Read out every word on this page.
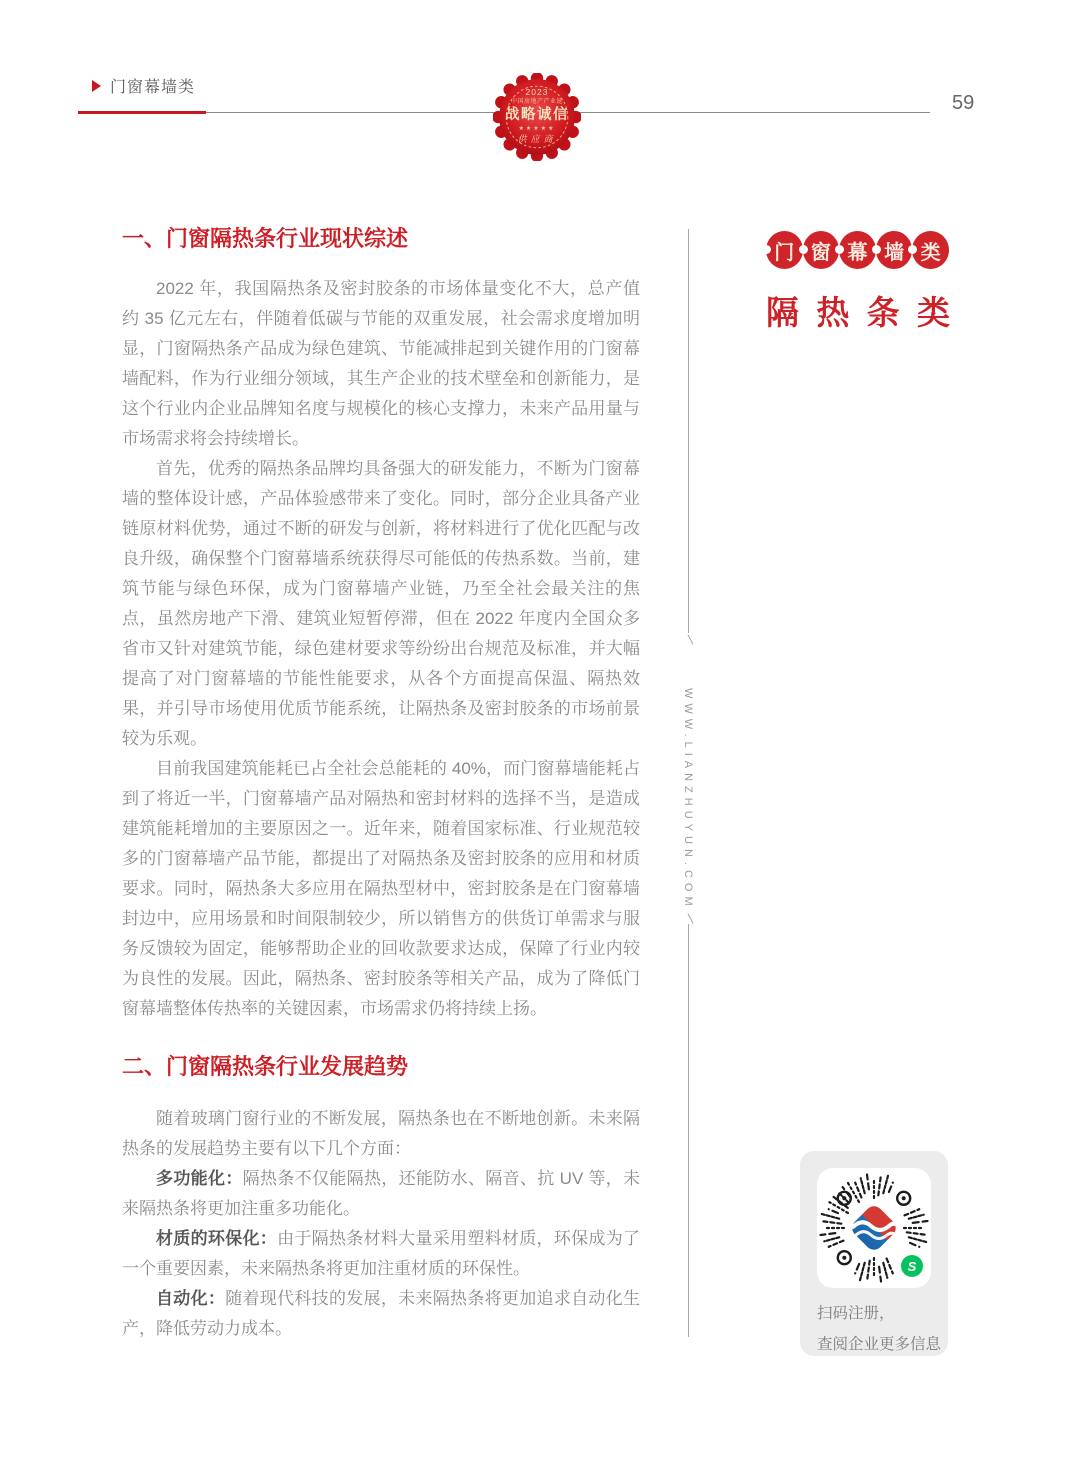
门窗幕墙类
59
2023
中国房地产产业链
战略诚信
★★★★★
供应商
一、门窗隔热条行业现状综述

2022 年，我国隔热条及密封胶条的市场体量变化不大，总产值约 35 亿元左右，伴随着低碳与节能的双重发展，社会需求度增加明显，门窗隔热条产品成为绿色建筑、节能减排起到关键作用的门窗幕墙配料，作为行业细分领域，其生产企业的技术壁垒和创新能力，是这个行业内企业品牌知名度与规模化的核心支撑力，未来产品用量与市场需求将会持续增长。

首先，优秀的隔热条品牌均具备强大的研发能力，不断为门窗幕墙的整体设计感，产品体验感带来了变化。同时，部分企业具备产业链原材料优势，通过不断的研发与创新，将材料进行了优化匹配与改良升级，确保整个门窗幕墙系统获得尽可能低的传热系数。当前，建筑节能与绿色环保，成为门窗幕墙产业链，乃至全社会最关注的焦点，虽然房地产下滑、建筑业短暂停滞，但在 2022 年度内全国众多省市又针对建筑节能，绿色建材要求等纷纷出台规范及标准，并大幅提高了对门窗幕墙的节能性能要求，从各个方面提高保温、隔热效果，并引导市场使用优质节能系统，让隔热条及密封胶条的市场前景较为乐观。

目前我国建筑能耗已占全社会总能耗的 40%，而门窗幕墙能耗占到了将近一半，门窗幕墙产品对隔热和密封材料的选择不当，是造成建筑能耗增加的主要原因之一。近年来，随着国家标准、行业规范较多的门窗幕墙产品节能，都提出了对隔热条及密封胶条的应用和材质要求。同时，隔热条大多应用在隔热型材中，密封胶条是在门窗幕墙封边中，应用场景和时间限制较少，所以销售方的供货订单需求与服务反馈较为固定，能够帮助企业的回收款要求达成，保障了行业内较为良性的发展。因此，隔热条、密封胶条等相关产品，成为了降低门窗幕墙整体传热率的关键因素，市场需求仍将持续上扬。

二、门窗隔热条行业发展趋势

随着玻璃门窗行业的不断发展，隔热条也在不断地创新。未来隔热条的发展趋势主要有以下几个方面：

多功能化：隔热条不仅能隔热，还能防水、隔音、抗 UV 等，未来隔热条将更加注重多功能化。

材质的环保化：由于隔热条材料大量采用塑料材质，环保成为了一个重要因素，未来隔热条将更加注重材质的环保性。

自动化：随着现代科技的发展，未来隔热条将更加追求自动化生产，降低劳动力成本。

门 窗 幕 墙 类
隔 热 条 类
WWW.LIANZHUYUN.COM
S
扫码注册，
查阅企业更多信息
